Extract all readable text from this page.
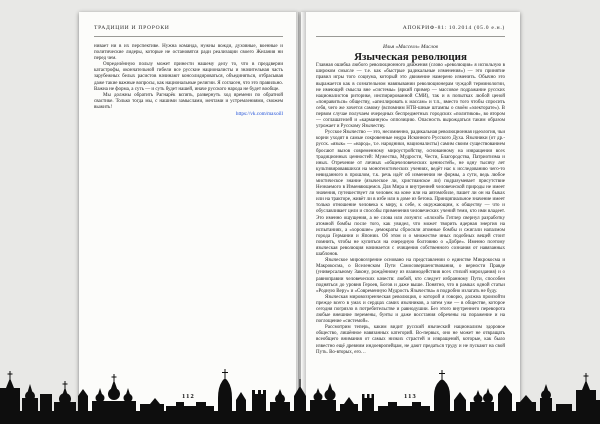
ТРАДИЦИИ И ПРОРОКИ

нивает ни в их перспективе. Нужна команда, нужны вожди, духовные, военные и политические лидеры, которые не остановятся ради реализации своего Желания ни перед чем.

Определённую пользу может принести нашему делу то, что в преддверии катастрофы, окончательной гибели все русские националисты и значительная часть зарубежных белых расистов начинают консолидироваться, объединяться, отбрасывая даже такие важные вопросы, как национальные религии. Я согласен, что это правильно. Важна не форма, а суть — и суть будет нашей, иначе русского народа не будет вообще.

Мы должны обратить Рагнарёк вспять, развернуть ход времени по обратной свастике. Только тогда мы, с нашими замыслами, мечтами и устремлениями, сможем выжить!

https://vk.com/maxoill

112
АПОКРИФ-81: 10.2014 (05.0 е.н.)

Илья «Масселл» Маслов

Языческая революция

Главная ошибка любого революционного движения (слово «революция» я использую в широком смысле — т.е. как «быстрые радикальные изменения») — это принятие правил игры того социума, который это движение намерено изменить. Обычно это выражается как в сознательном навязывании революционерам чуждой терминологии, не имеющей смысла вне «системы» (яркий пример — массовое подражание русских националистов риторике, инспирированной СМИ), так и в попытках любой ценой «понравиться» обществу, «апеллировать к массам» и т.п., вместо того чтобы спросить себя, чего же хочется самому (вспомним НТВ-шные штампы о своём «электорате»). В первом случае получаем очередных беспредметных городских «политиков», во втором — соглашателей и «карманную» оппозицию. Опасность вырождаться таким образом угрожает и Русскому Язычеству.

Русское Язычество — это, несомненно, радикальная революционная идеология, чьи корни уходят в самые сокровенные недра Исконного Русского Духа. Язычники (от др.-русск. «язык» — «народ», т.е. народники, националисты) самим своим существованием бросают вызов современному мироустройству, основанному на извращении всех традиционных ценностей: Мужества, Мудрости, Чести, Благородства, Патриотизма и иных. Отречение от личных «общечеловеческих ценностей», не одну тысячу лет культивировавшихся на монотеистических учениях, ведёт нас к исследованию чего-то невиданного в прошлом, т.к. речь идёт об изменении не формы, а сути, ведь любое мистическое знание (языческое ли, христианское ли) подразумевает присутствие Незнаемого в Изменяющемся. Для Мира и внутренней человеческой природы не имеет значения, путешествует ли человек на коне или на автомобиле, пашет ли он на быках или на тракторе, живёт ли в избе или в доме из бетона. Принципиальное значение имеет только отношение человека к миру, к себе, к окружающим, к обществу — что и обуславливает цели и способы применения человеческих учений теми, кто ими владеет. Это именно ощущения, а не слова или лозунги: «плохой» Гитлер свернул разработку атомной бомбы после того, как увидел, что может творить ядерная энергия на испытаниях, а «хорошие» демократы сбросили атомные бомбы и сжигали напалмом города Германии и Японии. Об этом и о множестве иных подобных вещей стоит помнить, чтобы не купиться на очередную болтовню о «Добре». Именно поэтому языческая революция начинается с очищения собственного сознания от навязанных шаблонов.

Языческое мировоззрение основано на представлении о единстве Микрокосма и Макрокосма, о Вселенском Пути Самосовершенствования, о верности Правде (универсальному Закону, рождённому из взаимодействия всех стихий мироздания) и о равноправии человеческих качеств: любой, кто следует избранному Пути, способен подняться до уровня Героев, Богов и даже выше. Понятно, что в рамках одной статьи «Родную Веру» и «Современную Мудрость Язычества» я подробно излагать не буду.

Языческая мировоззренческая революция, о которой я говорю, должна произойти прежде всего в умах и сердцах самих язычников, а затем уже — в обществе, которое сегодня погрязло в потребительстве и равнодушии. Без этого внутреннего переворота любые внешние перемены, бунты и даже восстания обречены на поражение и на поглощение «системой».

Рассмотрим теперь, каким видит русский языческий национализм здоровое общество, лишённое навязанных категорий. Во-первых, оно не может не отвращать всеобщего внимания от самых низких страстей и извращений, которые, как было известно ещё древним индоевропейцам, не дают предаться труду и не пускают на свой Путь. Во-вторых, его…

113
